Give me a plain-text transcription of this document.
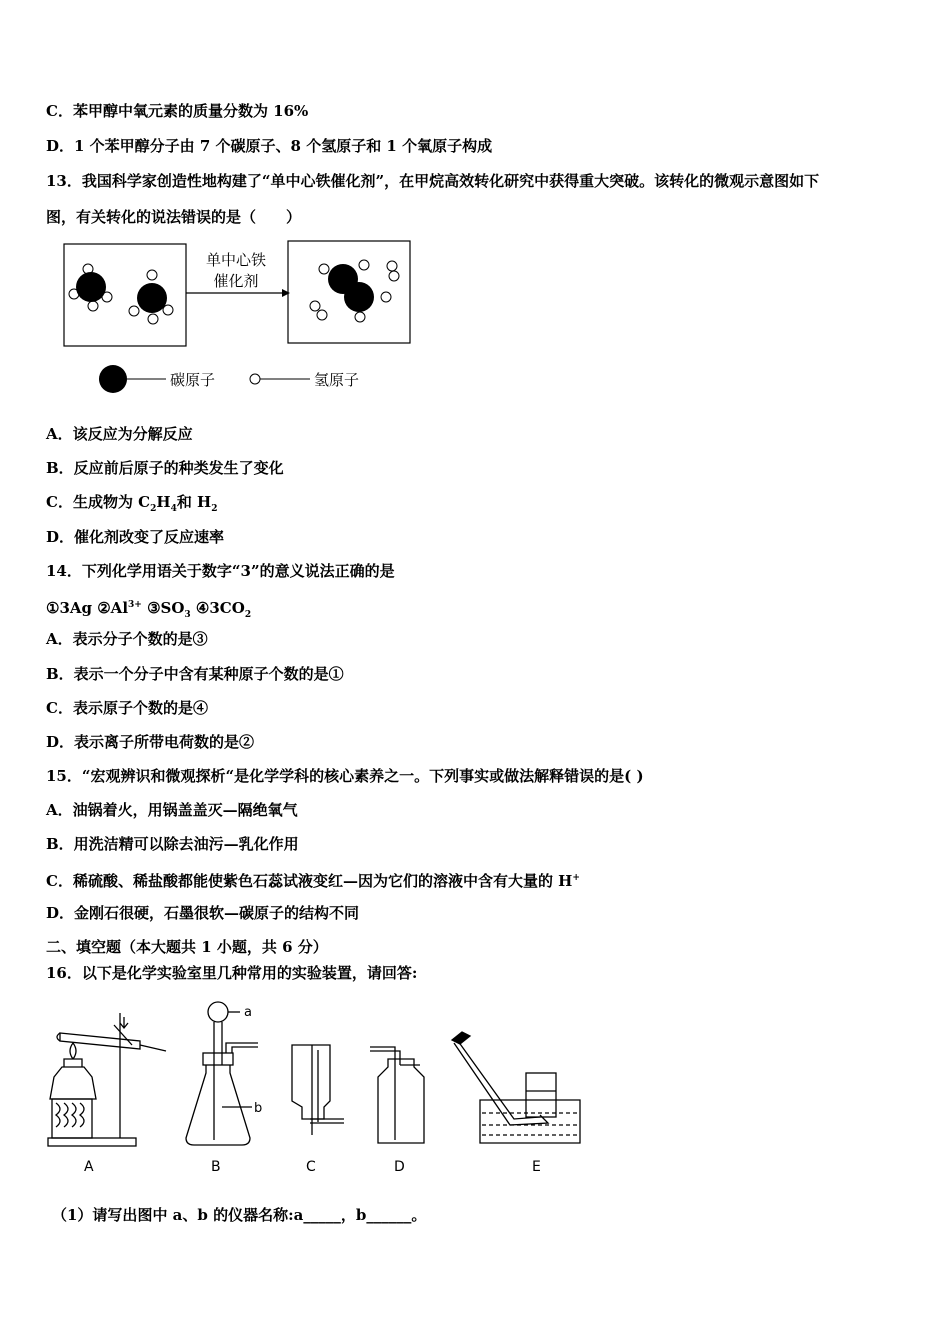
C．苯甲醇中氧元素的质量分数为 16%
D．1 个苯甲醇分子由 7 个碳原子、8 个氢原子和 1 个氧原子构成
13．我国科学家创造性地构建了“单中心铁催化剂”，在甲烷高效转化研究中获得重大突破。该转化的微观示意图如下
图，有关转化的说法错误的是（　　）
单中心铁
催化剂
碳原子	氢原子
A．该反应为分解反应
B．反应前后原子的种类发生了变化
C．生成物为 $C_2H_4$和 $H_2$
D．催化剂改变了反应速率
14．下列化学用语关于数字“3”的意义说法正确的是
①3Ag $②Al^{3+}$ $③SO_3$ $④3CO_2$
A．表示分子个数的是③
B．表示一个分子中含有某种原子个数的是①
C．表示原子个数的是④
D．表示离子所带电荷数的是②
15．“宏观辨识和微观探析“是化学学科的核心素养之一。下列事实或做法解释错误的是( )
A．油锅着火，用锅盖盖灭—隔绝氧气
B．用洗洁精可以除去油污—乳化作用
C．稀硫酸、稀盐酸都能使紫色石蕊试液变红—因为它们的溶液中含有大量的 H+
D．金刚石很硬，石墨很软—碳原子的结构不同
二、填空题（本大题共 1 小题，共 6 分）
16．以下是化学实验室里几种常用的实验装置，请回答:
a
b
A	B	C	D	E
（1）请写出图中 a、b 的仪器名称:a_____，b______。
